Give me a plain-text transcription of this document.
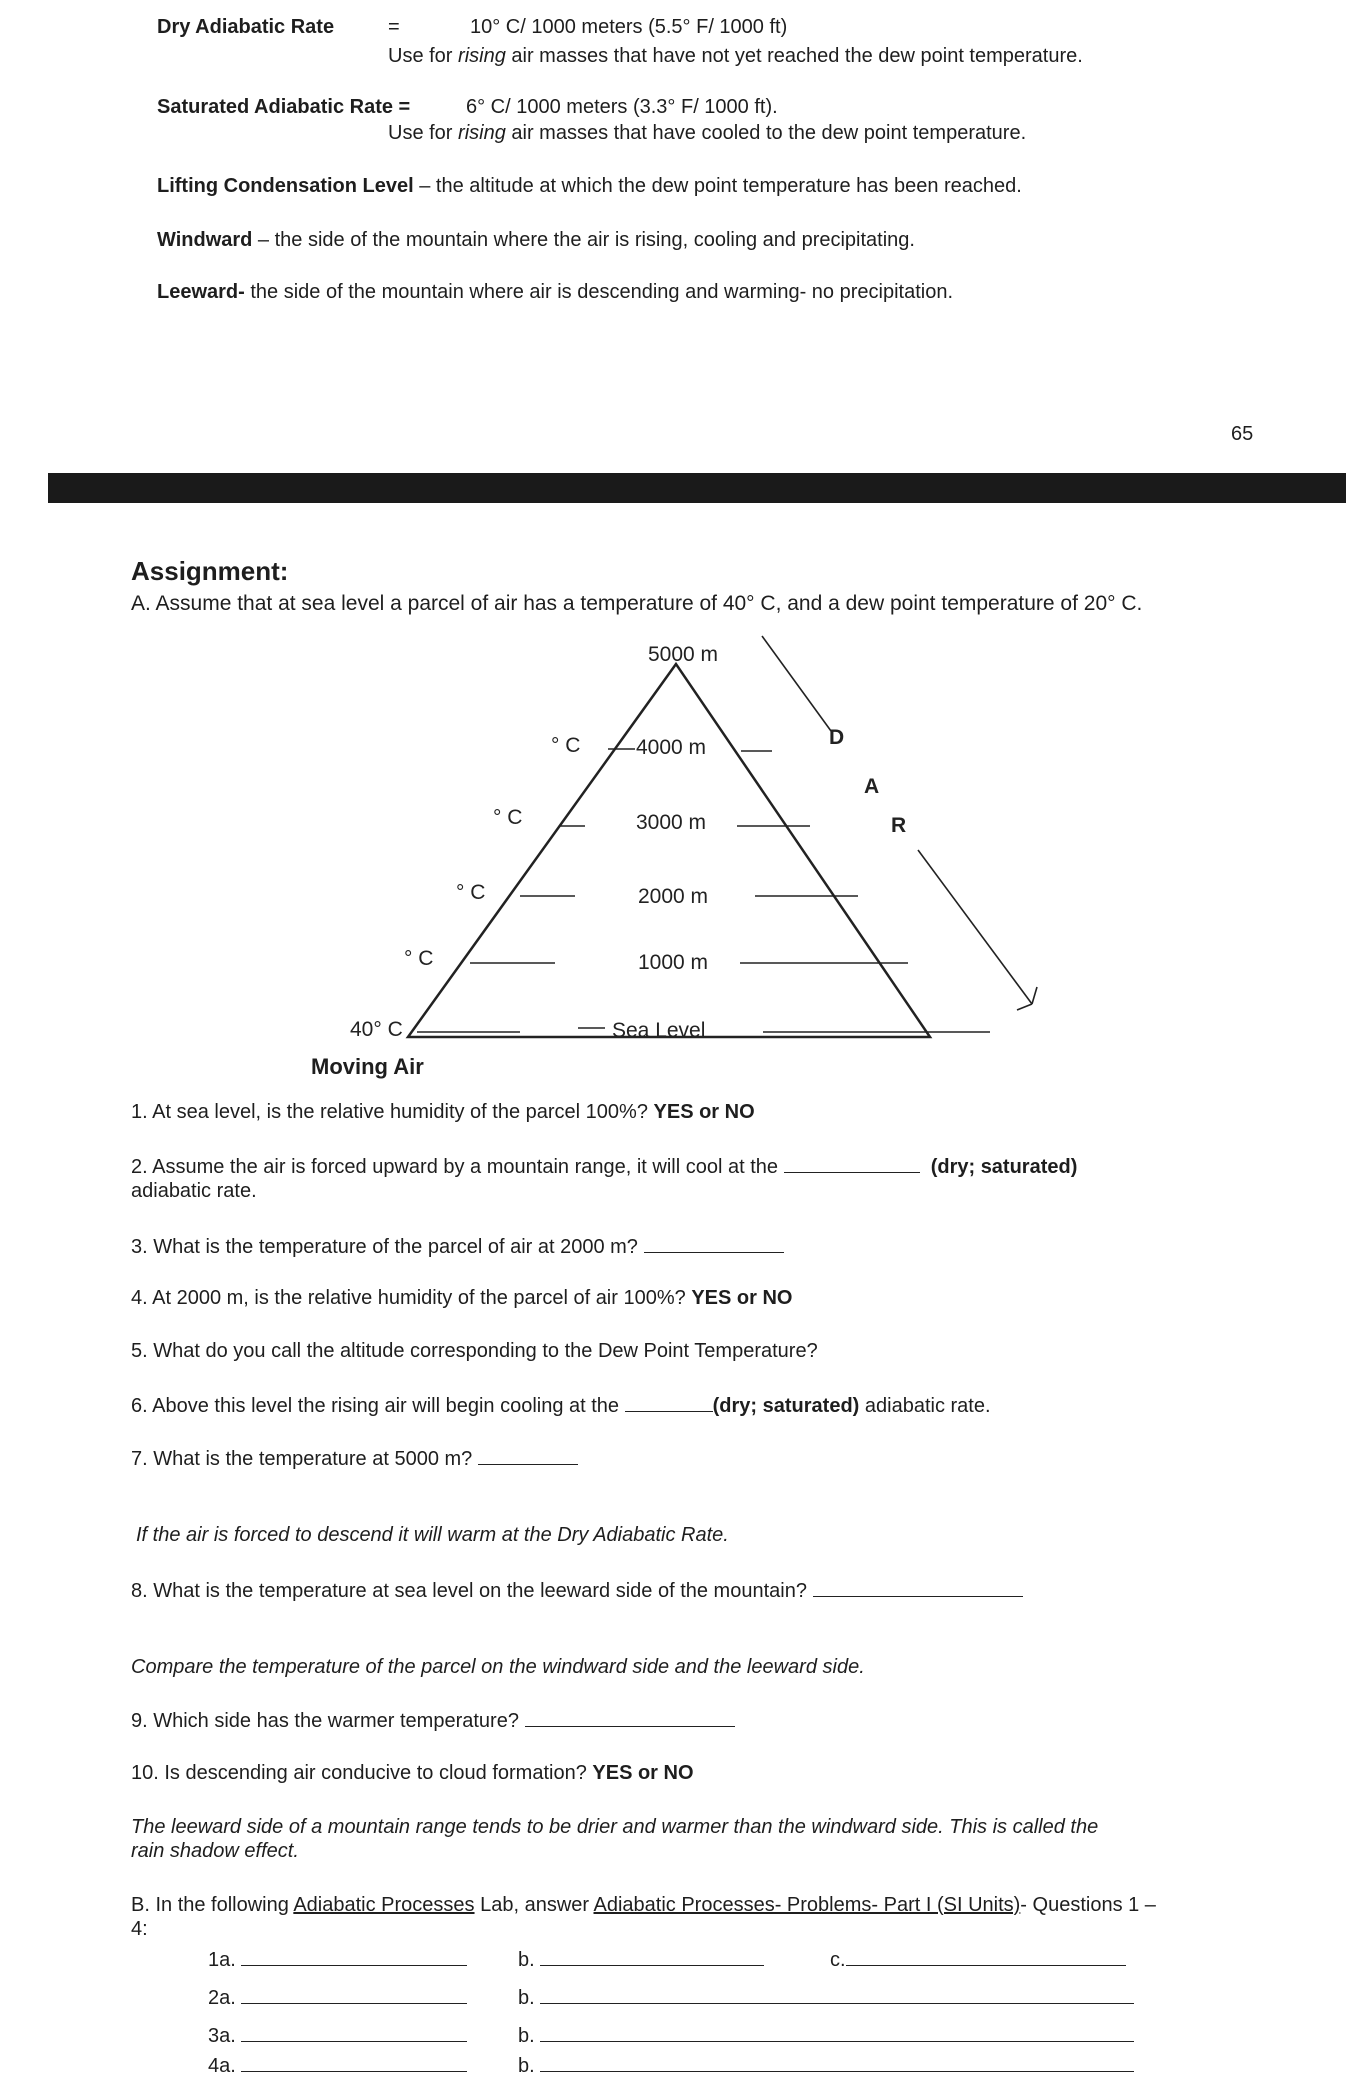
Dry Adiabatic Rate	=	10° C/ 1000 meters (5.5° F/ 1000 ft)
Use for rising air masses that have not yet reached the dew point temperature.
Saturated Adiabatic Rate =	6° C/ 1000 meters (3.3° F/ 1000 ft).
Use for rising air masses that have cooled to the dew point temperature.
Lifting Condensation Level – the altitude at which the dew point temperature has been reached.
Windward – the side of the mountain where the air is rising, cooling and precipitating.
Leeward- the side of the mountain where air is descending and warming- no precipitation.
65
Assignment:
A. Assume that at sea level a parcel of air has a temperature of 40° C, and a dew point temperature of 20° C.
5000 m
4000 m
3000 m
2000 m
1000 m
Sea Level
° C
° C
° C
° C
40° C
D
A
R
Moving Air
1. At sea level, is the relative humidity of the parcel 100%? YES or NO
2. Assume the air is forced upward by a mountain range, it will cool at the	(dry; saturated)
adiabatic rate.
3. What is the temperature of the parcel of air at 2000 m?
4. At 2000 m, is the relative humidity of the parcel of air 100%? YES or NO
5. What do you call the altitude corresponding to the Dew Point Temperature?
6. Above this level the rising air will begin cooling at the	(dry; saturated) adiabatic rate.
7. What is the temperature at 5000 m?
If the air is forced to descend it will warm at the Dry Adiabatic Rate.
8. What is the temperature at sea level on the leeward side of the mountain?
Compare the temperature of the parcel on the windward side and the leeward side.
9. Which side has the warmer temperature?
10. Is descending air conducive to cloud formation? YES or NO
The leeward side of a mountain range tends to be drier and warmer than the windward side. This is called the
rain shadow effect.
B. In the following Adiabatic Processes Lab, answer Adiabatic Processes- Problems- Part I (SI Units)- Questions 1 –
4:
1a.	b.	c.
2a.	b.
3a.	b.
4a.	b.
